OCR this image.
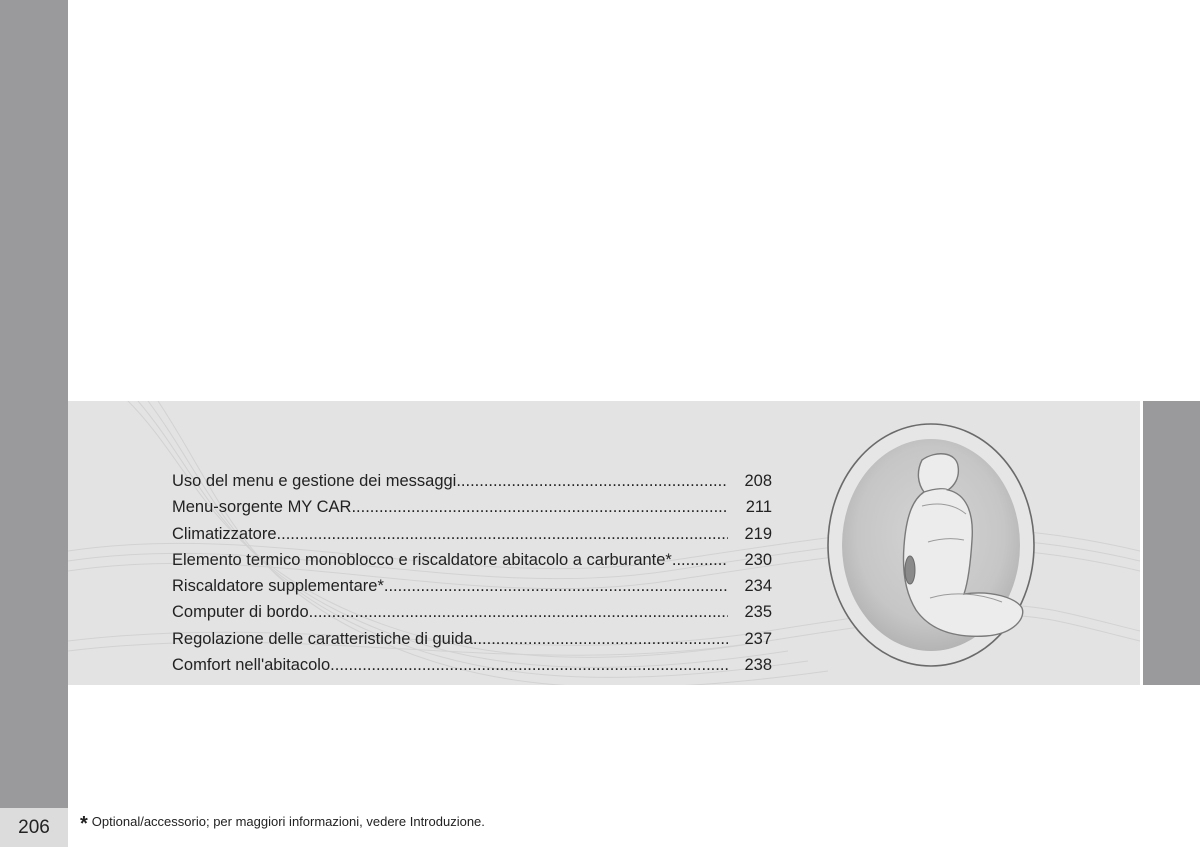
206
Uso del menu e gestione dei messaggi .....	208
Menu-sorgente MY CAR .....	211
Climatizzatore .....	219
Elemento termico monoblocco e riscaldatore abitacolo a carburante* .....	230
Riscaldatore supplementare* .....	234
Computer di bordo .....	235
Regolazione delle caratteristiche di guida .....	237
Comfort nell'abitacolo .....	238
* Optional/accessorio; per maggiori informazioni, vedere Introduzione.
